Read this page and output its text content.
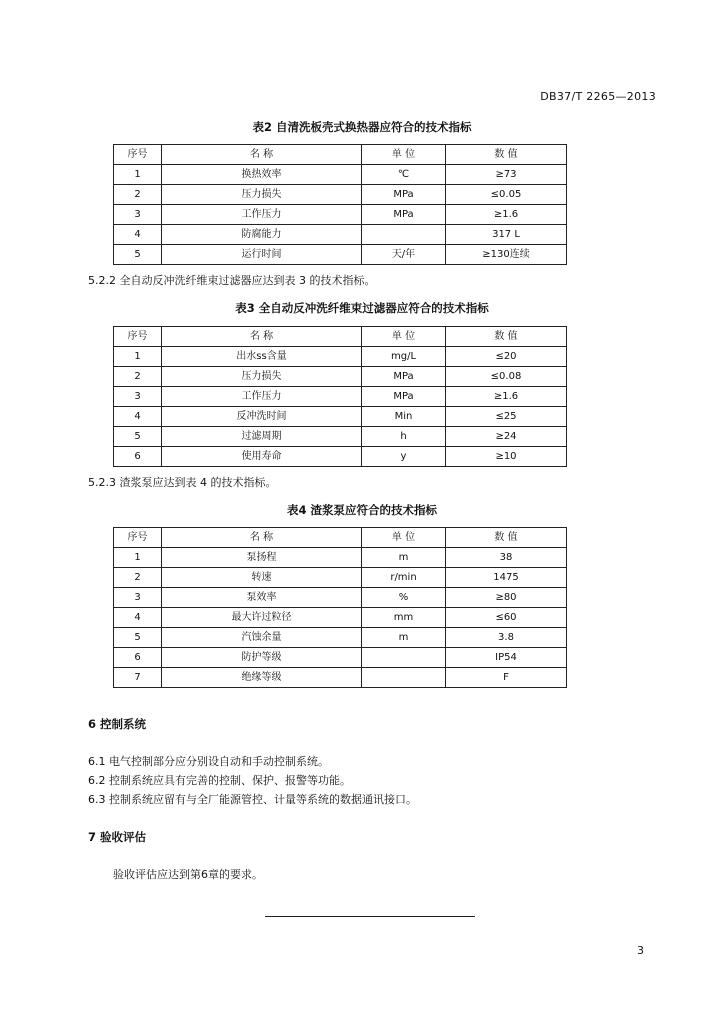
DB37/T 2265—2013
表2 自清洗板壳式换热器应符合的技术指标
序号	名 称	单 位	数 值
1	换热效率	℃	≥73
2	压力损失	MPa	≤0.05
3	工作压力	MPa	≥1.6
4	防腐能力		317 L
5	运行时间	天/年	≥130连续
5.2.2 全自动反冲洗纤维束过滤器应达到表 3 的技术指标。
表3 全自动反冲洗纤维束过滤器应符合的技术指标
序号	名 称	单 位	数 值
1	出水ss含量	mg/L	≤20
2	压力损失	MPa	≤0.08
3	工作压力	MPa	≥1.6
4	反冲洗时间	Min	≤25
5	过滤周期	h	≥24
6	使用寿命	y	≥10
5.2.3 渣浆泵应达到表 4 的技术指标。
表4 渣浆泵应符合的技术指标
序号	名 称	单 位	数 值
1	泵扬程	m	38
2	转速	r/min	1475
3	泵效率	%	≥80
4	最大许过粒径	mm	≤60
5	汽蚀余量	m	3.8
6	防护等级		IP54
7	绝缘等级		F
6 控制系统
6.1 电气控制部分应分别设自动和手动控制系统。
6.2 控制系统应具有完善的控制、保护、报警等功能。
6.3 控制系统应留有与全厂能源管控、计量等系统的数据通讯接口。
7 验收评估
验收评估应达到第6章的要求。
3
